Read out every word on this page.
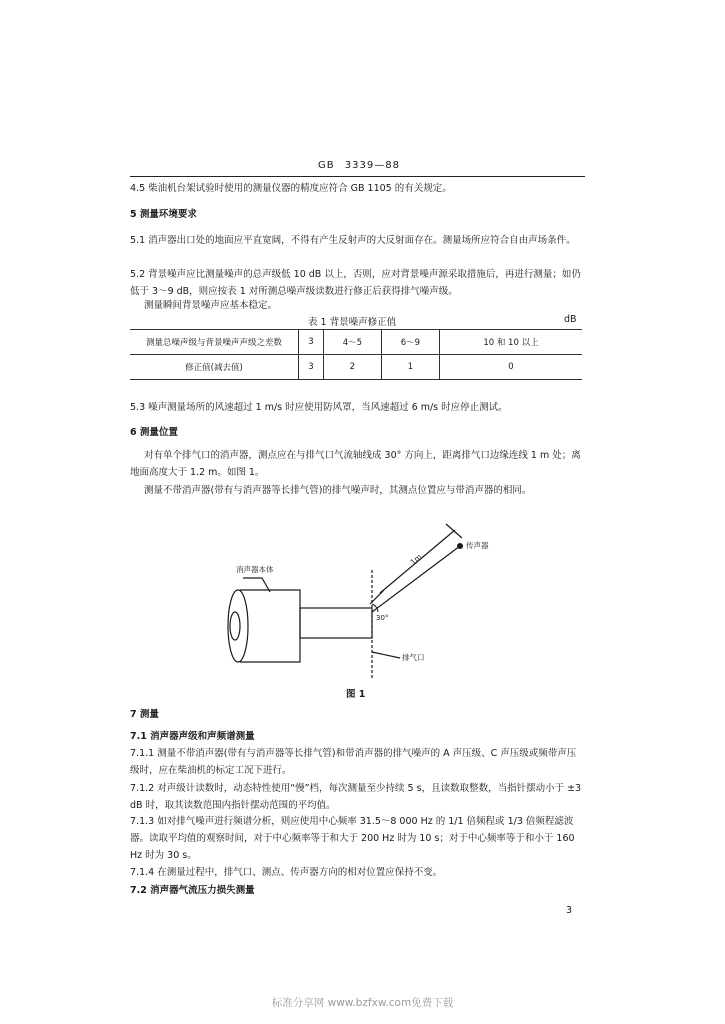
GB 3339—88
4.5 柴油机台架试验时使用的测量仪器的精度应符合 GB 1105 的有关规定。
5 测量环境要求
5.1 消声器出口处的地面应平直宽阔，不得有产生反射声的大反射面存在。测量场所应符合自由声场条件。
5.2 背景噪声应比测量噪声的总声级低 10 dB 以上，否则，应对背景噪声源采取措施后，再进行测量；如仍低于 3～9 dB，则应按表 1 对所测总噪声级读数进行修正后获得排气噪声级。
测量瞬间背景噪声应基本稳定。
表 1 背景噪声修正值	dB
测量总噪声级与背景噪声声级之差数	3	4～5	6～9	10 和 10 以上
修正值(减去值)	3	2	1	0
5.3 噪声测量场所的风速超过 1 m/s 时应使用防风罩，当风速超过 6 m/s 时应停止测试。
6 测量位置
对有单个排气口的消声器，测点应在与排气口气流轴线成 30° 方向上，距离排气口边缘连线 1 m 处；离地面高度大于 1.2 m。如图 1。
测量不带消声器(带有与消声器等长排气管)的排气噪声时，其测点位置应与带消声器的相同。
消声器本体
1m
传声器
30°
排气口
图 1
7 测量
7.1 消声器声级和声频谱测量
7.1.1 测量不带消声器(带有与消声器等长排气管)和带消声器的排气噪声的 A 声压级、C 声压级或频带声压级时，应在柴油机的标定工况下进行。
7.1.2 对声级计读数时，动态特性使用“慢”档，每次测量至少持续 5 s，且读数取整数，当指针摆动小于 ±3 dB 时，取其读数范围内指针摆动范围的平均值。
7.1.3 如对排气噪声进行频谱分析，则应使用中心频率 31.5～8 000 Hz 的 1/1 倍频程或 1/3 倍频程滤波器。读取平均值的观察时间，对于中心频率等于和大于 200 Hz 时为 10 s；对于中心频率等于和小于 160 Hz 时为 30 s。
7.1.4 在测量过程中，排气口、测点、传声器方向的相对位置应保持不变。
7.2 消声器气流压力损失测量
3
标准分享网 www.bzfxw.com免费下载
